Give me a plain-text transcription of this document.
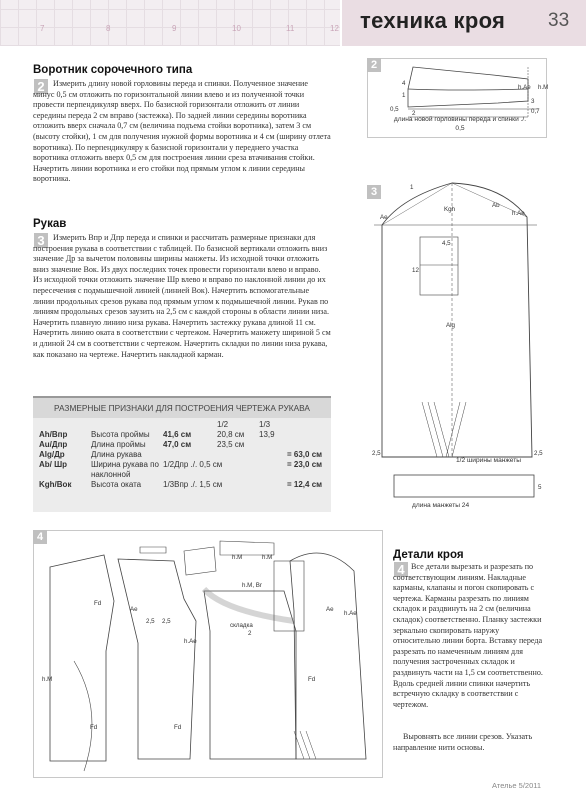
7	8	9	10	11	12 техника кроя 33
Воротник сорочечного типа
2	Измерить длину новой горловины переда и спинки. Полученное значение минус 0,5 см отложить по горизонтальной линии влево и из полученной точки провести перпендикуляр вверх. По базисной горизонтали отложить от линии середины переда 2 см вправо (застежка). По задней линии середины воротника отложить вверх сначала 0,7 см (величина подъема стойки воротника), затем 3 см (высоту стойки), 1 см для получения нужной формы воротника и 4 см (ширину отлета воротника). По перпендикуляру к базисной горизонтали у переднего участка воротника отложить вверх 0,5 см для построения линии среза втачивания стойки. Начертить линии воротника и его стойки под прямым углом к линии середины воротника.
Рукав
3	Измерить Впр и Дпр переда и спинки и рассчитать размерные признаки для построения рукава в соответствии с таблицей. По базисной вертикали отложить вниз значение Др за вычетом половины ширины манжеты. Из исходной точки отложить вниз значение Вок. Из двух последних точек провести горизонтали влево и вправо. Из исходной точки отложить значение Шр влево и вправо по наклонной линии до их пересечения с подмышечной линией (линией Вок). Начертить вспомогательные линии продольных срезов рукава под прямым углом к подмышечной линии. Рукав по линиям продольных срезов заузить на 2,5 см с каждой стороны в области линии низа. Начертить плавную линию низа рукава. Начертить застежку рукава длиной 11 см. Начертить линию оката в соответствии с чертежом. Начертить манжету шириной 5 см и длиной 24 см в соответствии с чертежом. Начертить складки по линии низа рукава, как показано на чертеже. Начертить накладной карман.
РАЗМЕРНЫЕ ПРИЗНАКИ ДЛЯ ПОСТРОЕНИЯ ЧЕРТЕЖА РУКАВА
			1/2	1/3	
Ah/Bпр	Высота проймы	41,6 см	20,8 см	13,9	
Au/Дпр	Длина проймы	47,0 см	23,5 см		
Alg/Др	Длина рукава				= 63,0 см
Ab/ Шр	Ширина рукава по наклонной	1/2Дпр ./. 0,5 см			= 23,0 см
Kgh/Вок	Высота оката	1/3Впр ./. 1,5 см			= 12,4 см
2
4
1
3
0,7
0,5
2
h.M
h.Ae
длина новой горловины переда и спинки ./. 0,5
3
Ae
h.Ae
Kgh
Ab
Alg
12
4,5
1
2,5	2,5
5
1/2 ширины манжеты
длина манжеты 24
4
складка
h.M
h.Ae
Ae
Fd
2,5 2,5
h.M, Br
2
h.M	h.M
h.Ae
Fd	Fd
Fd
Ae
Детали кроя
4 Все детали вырезать и разрезать по соответствующим линиям. Накладные карманы, клапаны и погон скопировать с чертежа. Карманы разрезать по линиям складок и раздвинуть на 2 см (величина складок) соответственно. Планку застежки зеркально скопировать наружу относительно линии борта. Вставку переда разрезать по намеченным линиям для получения застроченных складок и раздвинуть части на 1,5 см соответственно. Вдоль средней линии спинки начертить встречную складку в соответствии с чертежом.
Выровнять все линии срезов. Указать направление нити основы.
Ателье 5/2011
